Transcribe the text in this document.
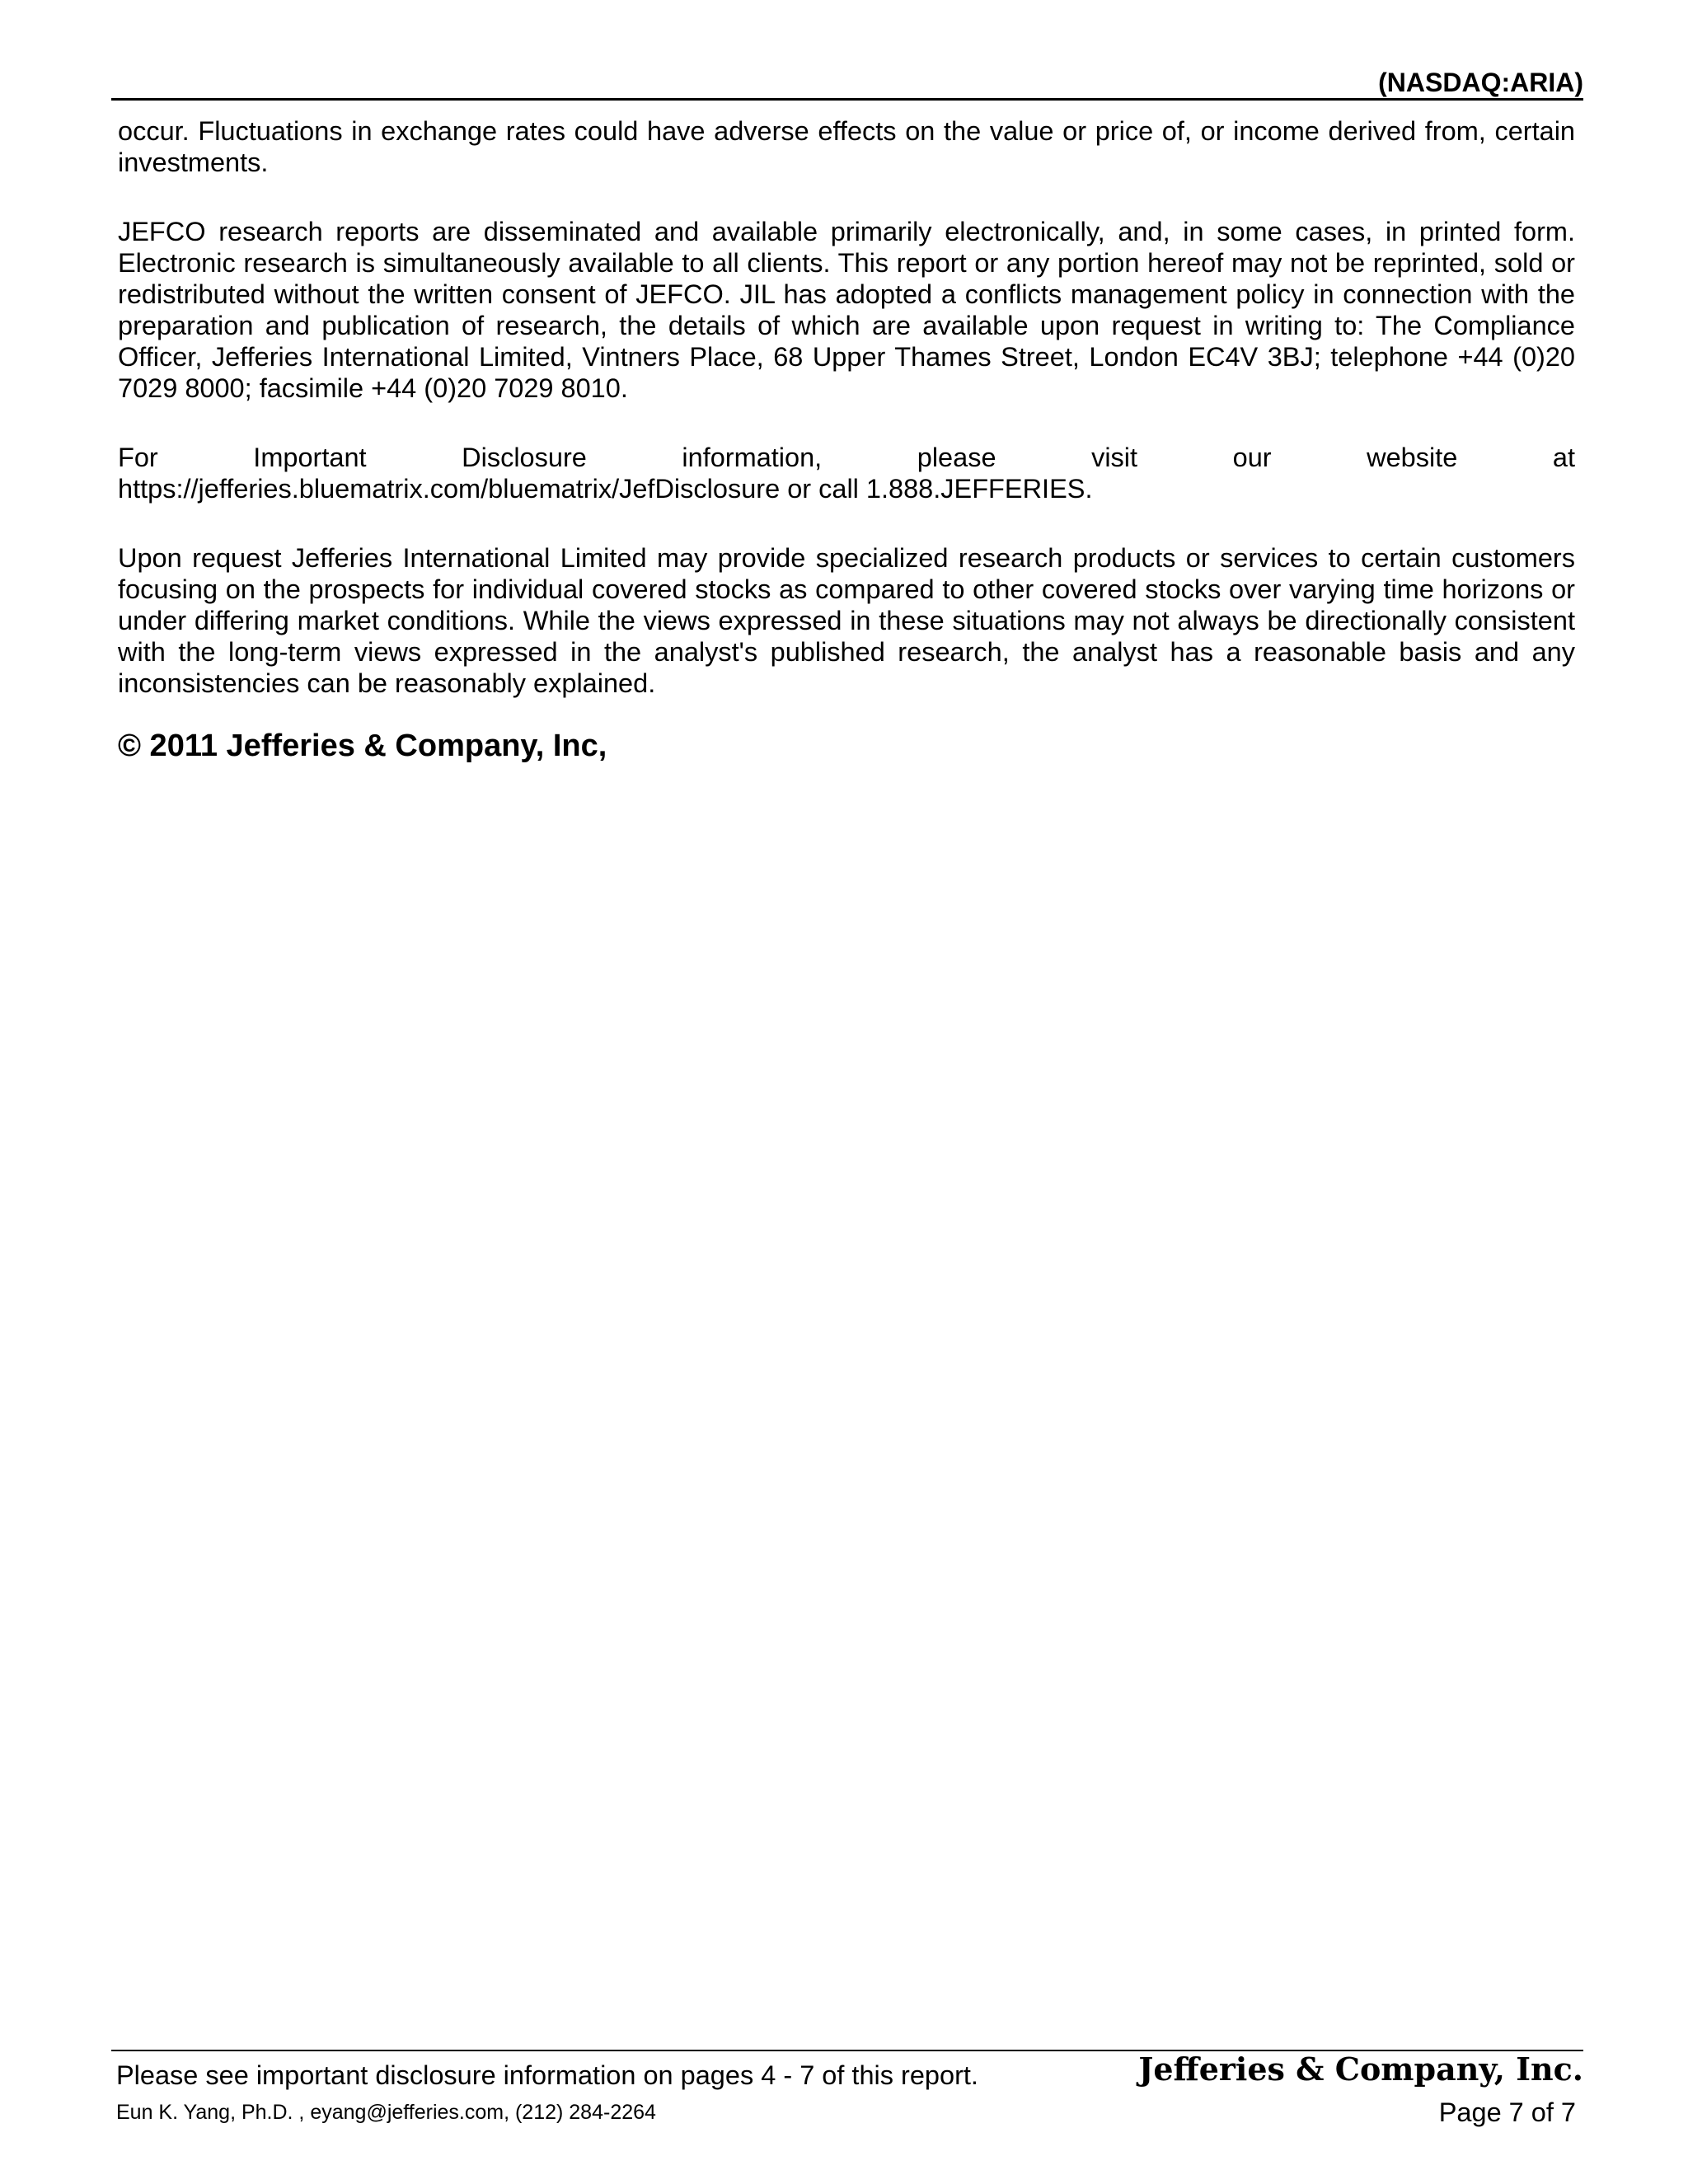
(NASDAQ:ARIA)

occur. Fluctuations in exchange rates could have adverse effects on the value or price of, or income derived from, certain investments.

JEFCO research reports are disseminated and available primarily electronically, and, in some cases, in printed form. Electronic research is simultaneously available to all clients. This report or any portion hereof may not be reprinted, sold or redistributed without the written consent of JEFCO. JIL has adopted a conflicts management policy in connection with the preparation and publication of research, the details of which are available upon request in writing to: The Compliance Officer, Jefferies International Limited, Vintners Place, 68 Upper Thames Street, London EC4V 3BJ; telephone +44 (0)20 7029 8000; facsimile +44 (0)20 7029 8010.

For Important Disclosure information, please visit our website at
https://jefferies.bluematrix.com/bluematrix/JefDisclosure or call 1.888.JEFFERIES.

Upon request Jefferies International Limited may provide specialized research products or services to certain customers focusing on the prospects for individual covered stocks as compared to other covered stocks over varying time horizons or under differing market conditions. While the views expressed in these situations may not always be directionally consistent with the long-term views expressed in the analyst's published research, the analyst has a reasonable basis and any inconsistencies can be reasonably explained.

© 2011 Jefferies & Company, Inc,
Please see important disclosure information on pages 4 - 7 of this report.
Eun K. Yang, Ph.D. , eyang@jefferies.com, (212) 284-2264
Jefferies & Company, Inc.
Page 7 of 7
